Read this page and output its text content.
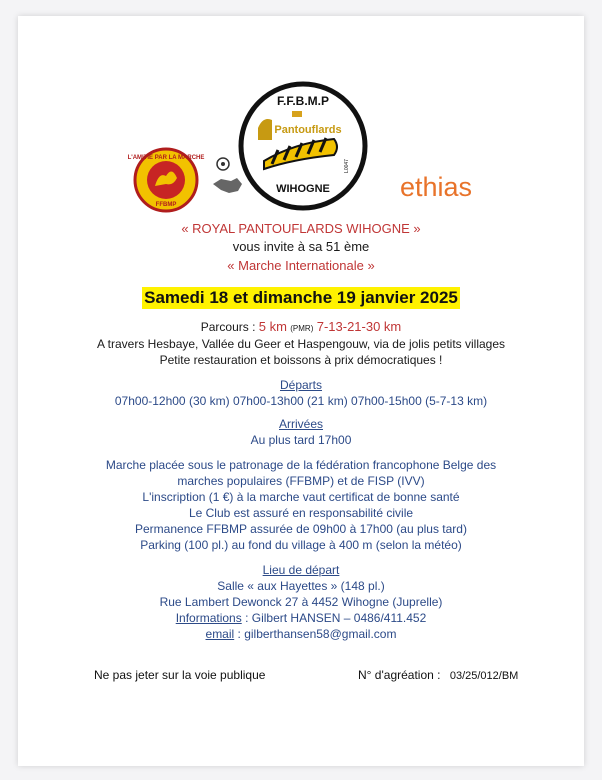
L'AMITIE PAR LA MARCHE
FFBMP
F.F.B.M.P
Pantouflards
WIHOGNE
L0047
ethias
« ROYAL PANTOUFLARDS WIHOGNE »
vous invite à sa 51 ème
« Marche Internationale »
Samedi 18 et dimanche 19 janvier 2025
Parcours : 5 km (PMR) 7-13-21-30 km
A travers Hesbaye, Vallée du Geer et Haspengouw, via de jolis petits villages
Petite restauration et boissons à prix démocratiques !
Départs
07h00-12h00 (30 km) 07h00-13h00 (21 km) 07h00-15h00 (5-7-13 km)
Arrivées
Au plus tard 17h00
Marche placée sous le patronage de la fédération francophone Belge des
marches populaires (FFBMP) et de FISP (IVV)
L'inscription (1 €) à la marche vaut certificat de bonne santé
Le Club est assuré en responsabilité civile
Permanence FFBMP assurée de 09h00 à 17h00 (au plus tard)
Parking (100 pl.) au fond du village à 400 m (selon la météo)
Lieu de départ
Salle « aux Hayettes » (148 pl.)
Rue Lambert Dewonck 27 à 4452 Wihogne (Juprelle)
Informations : Gilbert HANSEN – 0486/411.452
email : gilberthansen58@gmail.com
Ne pas jeter sur la voie publique	N° d'agréation : 03/25/012/BM
